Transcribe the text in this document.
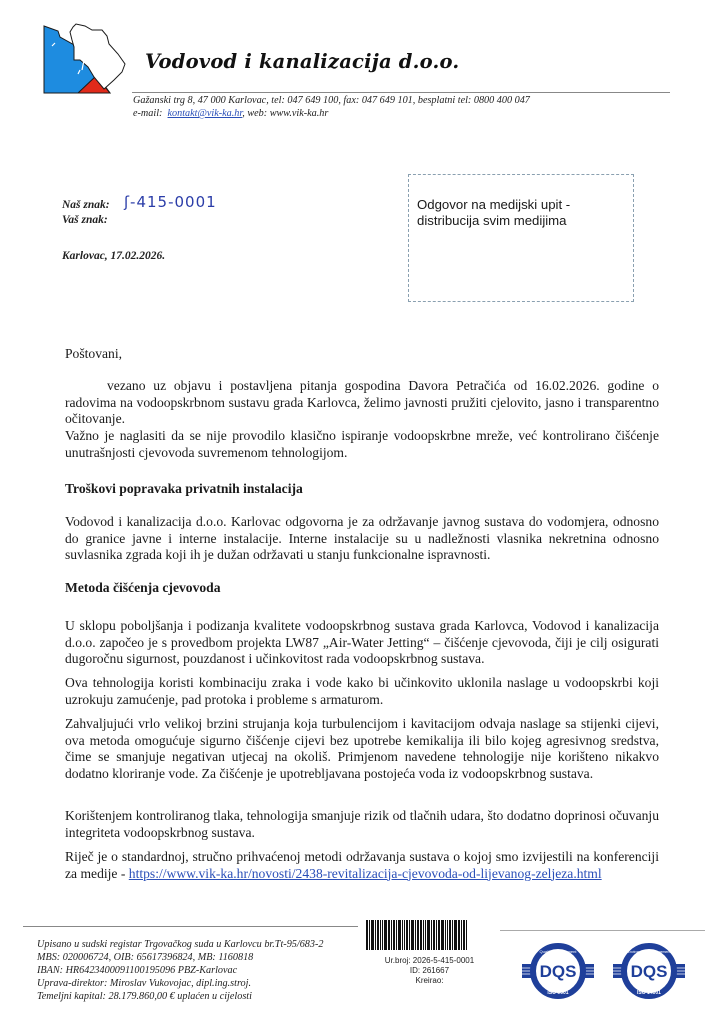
Vodovod i kanalizacija d.o.o.
Gažanski trg 8, 47 000 Karlovac, tel: 047 649 100, fax: 047 649 101, besplatni tel: 0800 400 047
e-mail: kontakt@vik-ka.hr, web: www.vik-ka.hr
Naš znak: ʃ-415-0001
Vaš znak:
Karlovac, 17.02.2026.
Odgovor na medijski upit -
distribucija svim medijima
Poštovani,
vezano uz objavu i postavljena pitanja gospodina Davora Petračića od 16.02.2026. godine o radovima na vodoopskrbnom sustavu grada Karlovca, želimo javnosti pružiti cjelovito, jasno i transparentno očitovanje.
Važno je naglasiti da se nije provodilo klasično ispiranje vodoopskrbne mreže, već kontrolirano čišćenje unutrašnjosti cjevovoda suvremenom tehnologijom.
Troškovi popravaka privatnih instalacija
Vodovod i kanalizacija d.o.o. Karlovac odgovorna je za održavanje javnog sustava do vodomjera, odnosno do granice javne i interne instalacije. Interne instalacije su u nadležnosti vlasnika nekretnina odnosno suvlasnika zgrada koji ih je dužan održavati u stanju funkcionalne ispravnosti.
Metoda čišćenja cjevovoda
U sklopu poboljšanja i podizanja kvalitete vodoopskrbnog sustava grada Karlovca, Vodovod i kanalizacija d.o.o. započeo je s provedbom projekta LW87 „Air-Water Jetting“ – čišćenje cjevovoda, čiji je cilj osigurati dugoročnu sigurnost, pouzdanost i učinkovitost rada vodoopskrbnog sustava.
Ova tehnologija koristi kombinaciju zraka i vode kako bi učinkovito uklonila naslage u vodoopskrbi koji uzrokuju zamućenje, pad protoka i probleme s armaturom.
Zahvaljujući vrlo velikoj brzini strujanja koja turbulencijom i kavitacijom odvaja naslage sa stijenki cijevi, ova metoda omogućuje sigurno čišćenje cijevi bez upotrebe kemikalija ili bilo kojeg agresivnog sredstva, čime se smanjuje negativan utjecaj na okoliš. Primjenom navedene tehnologije nije korišteno nikakvo dodatno kloriranje vode. Za čišćenje je upotrebljavana postojeća voda iz vodoopskrbnog sustava.
Korištenjem kontroliranog tlaka, tehnologija smanjuje rizik od tlačnih udara, što dodatno doprinosi očuvanju integriteta vodoopskrbnog sustava.
Riječ je o standardnoj, stručno prihvaćenoj metodi održavanja sustava o kojoj smo izvijestili na konferenciji za medije - https://www.vik-ka.hr/novosti/2438-revitalizacija-cjevovoda-od-lijevanog-zeljeza.html
Upisano u sudski registar Trgovačkog suda u Karlovcu br.Tt-95/683-2
MBS: 020006724, OIB: 65617396824, MB: 1160818
IBAN: HR6423400091100195096 PBZ-Karlovac
Uprava-direktor: Miroslav Vukovojac, dipl.ing.stroj.
Temeljni kapital: 28.179.860,00 € uplaćen u cijelosti
Ur.broj: 2026-5-415-0001
ID: 261667
Kreirao:	DQS
Quality Management
ISO 9001
DQS
Environmental Management
ISO 14001
